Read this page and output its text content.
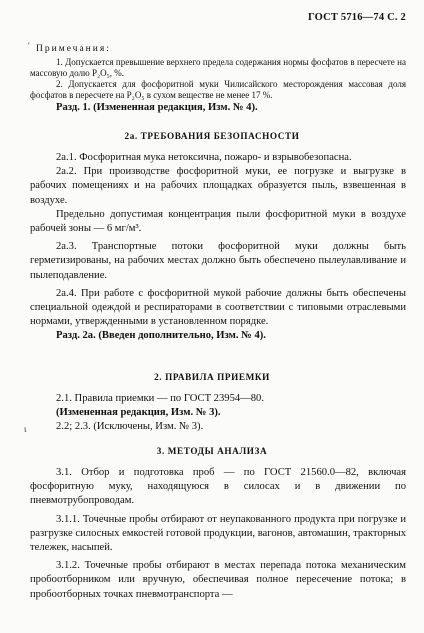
ГОСТ 5716—74 С. 2
' Примечания:
1. Допускается превышение верхнего предела содержания нормы фосфатов в пересчете на массовую долю P₂O₅, %.
2. Допускается для фосфоритной муки Чилисайского месторождения массовая доля фосфатов в пересчете на P₂O₅ в сухом веществе не менее 17 %.
Разд. 1. (Измененная редакция, Изм. № 4).
2а. ТРЕБОВАНИЯ БЕЗОПАСНОСТИ
2а.1. Фосфоритная мука нетоксична, пожаро- и взрывобезопасна.
2а.2. При производстве фосфоритной муки, ее погрузке и выгрузке в рабочих помещениях и на рабочих площадках образуется пыль, взвешенная в воздухе.
Предельно допустимая концентрация пыли фосфоритной муки в воздухе рабочей зоны — 6 мг/м³.
2а.3. Транспортные потоки фосфоритной муки должны быть герметизированы, на рабочих местах должно быть обеспечено пылеулавливание и пылеподавление.
2а.4. При работе с фосфоритной мукой рабочие должны быть обеспечены специальной одеждой и респираторами в соответствии с типовыми отраслевыми нормами, утвержденными в установленном порядке.
Разд. 2а. (Введен дополнительно, Изм. № 4).
2. ПРАВИЛА ПРИЕМКИ
2.1. Правила приемки — по ГОСТ 23954—80.
(Измененная редакция, Изм. № 3).
2.2; 2.3. (Исключены, Изм. № 3).
ι
3. МЕТОДЫ АНАЛИЗА
3.1. Отбор и подготовка проб — по ГОСТ 21560.0—82, включая фосфоритную муку, находящуюся в силосах и в движении по пневмотрубопроводам.
3.1.1. Точечные пробы отбирают от неупакованного продукта при погрузке и разгрузке силосных емкостей готовой продукции, вагонов, автомашин, тракторных тележек, насыпей.
3.1.2. Точечные пробы отбирают в местах перепада потока механическим пробоотборником или вручную, обеспечивая полное пересечение потока; в пробоотборных точках пневмотранспорта —
